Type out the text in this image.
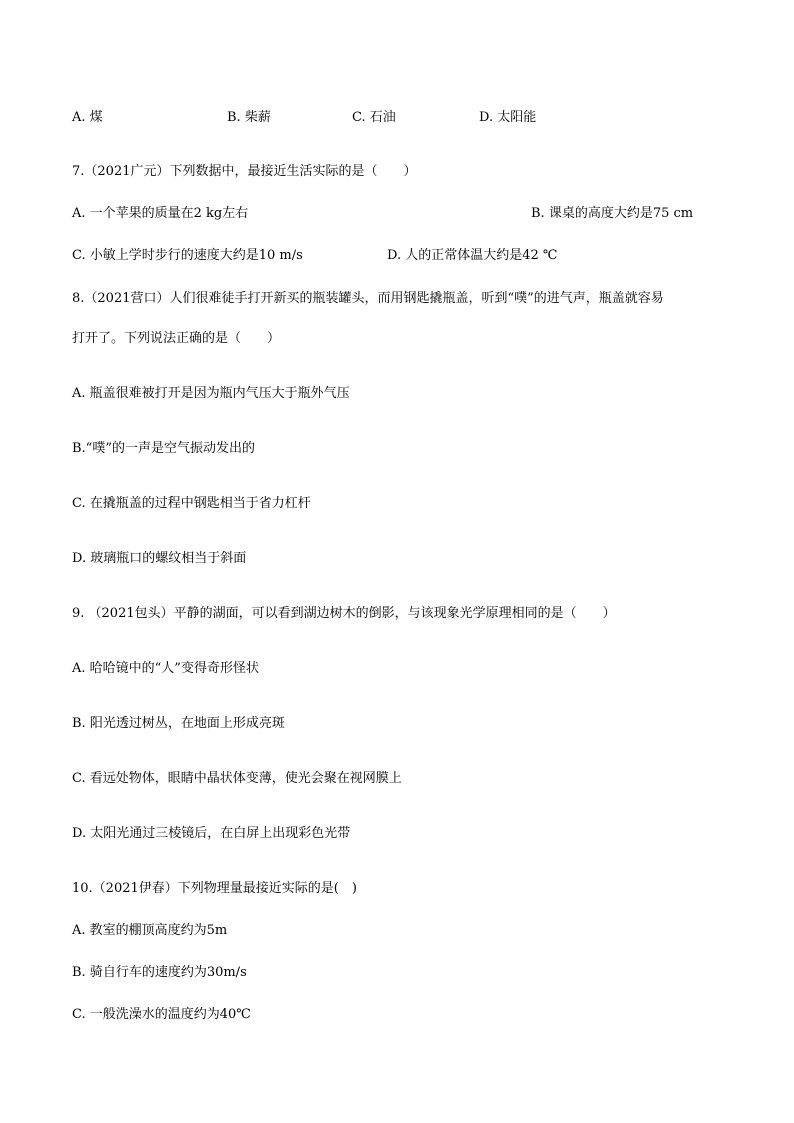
A. 煤	B. 柴薪	C. 石油	D. 太阳能
7.（2021广元）下列数据中，最接近生活实际的是（　　）
A. 一个苹果的质量在2 kg左右	B. 课桌的高度大约是75 cm
C. 小敏上学时步行的速度大约是10 m/s	D. 人的正常体温大约是42 ℃
8.（2021营口）人们很难徒手打开新买的瓶装罐头，而用钢匙撬瓶盖，听到“噗”的进气声，瓶盖就容易
打开了。下列说法正确的是（　　）
A. 瓶盖很难被打开是因为瓶内气压大于瓶外气压
B.“噗”的一声是空气振动发出的
C. 在撬瓶盖的过程中钢匙相当于省力杠杆
D. 玻璃瓶口的螺纹相当于斜面
9. （2021包头）平静的湖面，可以看到湖边树木的倒影，与该现象光学原理相同的是（　　）
A. 哈哈镜中的“人”变得奇形怪状
B. 阳光透过树丛，在地面上形成亮斑
C. 看远处物体，眼睛中晶状体变薄，使光会聚在视网膜上
D. 太阳光通过三棱镜后，在白屏上出现彩色光带
10.（2021伊春）下列物理量最接近实际的是(　)
A. 教室的棚顶高度约为5m
B. 骑自行车的速度约为30m/s
C. 一般洗澡水的温度约为40℃
